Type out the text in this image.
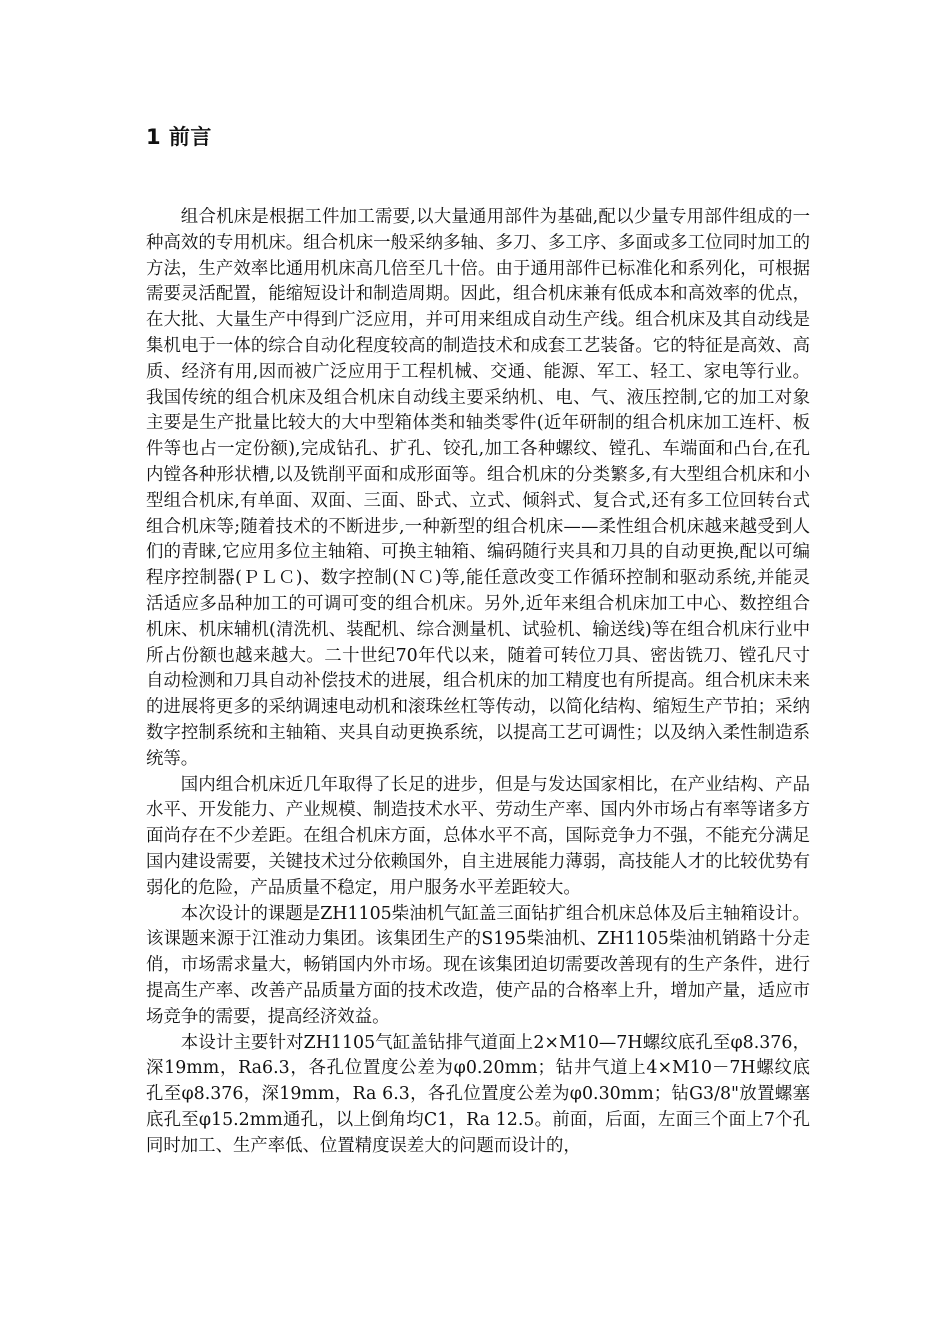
1 前言

组合机床是根据工件加工需要,以大量通用部件为基础,配以少量专用部件组成的一种高效的专用机床。组合机床一般采纳多轴、多刀、多工序、多面或多工位同时加工的方法，生产效率比通用机床高几倍至几十倍。由于通用部件已标准化和系列化，可根据需要灵活配置，能缩短设计和制造周期。因此，组合机床兼有低成本和高效率的优点，在大批、大量生产中得到广泛应用，并可用来组成自动生产线。组合机床及其自动线是集机电于一体的综合自动化程度较高的制造技术和成套工艺装备。它的特征是高效、高质、经济有用,因而被广泛应用于工程机械、交通、能源、军工、轻工、家电等行业。我国传统的组合机床及组合机床自动线主要采纳机、电、气、液压控制,它的加工对象主要是生产批量比较大的大中型箱体类和轴类零件(近年研制的组合机床加工连杆、板件等也占一定份额),完成钻孔、扩孔、铰孔,加工各种螺纹、镗孔、车端面和凸台,在孔内镗各种形状槽,以及铣削平面和成形面等。组合机床的分类繁多,有大型组合机床和小型组合机床,有单面、双面、三面、卧式、立式、倾斜式、复合式,还有多工位回转台式组合机床等;随着技术的不断进步,一种新型的组合机床——柔性组合机床越来越受到人们的青睐,它应用多位主轴箱、可换主轴箱、编码随行夹具和刀具的自动更换,配以可编程序控制器(ＰＬＣ)、数字控制(ＮＣ)等,能任意改变工作循环控制和驱动系统,并能灵活适应多品种加工的可调可变的组合机床。另外,近年来组合机床加工中心、数控组合机床、机床辅机(清洗机、装配机、综合测量机、试验机、输送线)等在组合机床行业中所占份额也越来越大。二十世纪70年代以来，随着可转位刀具、密齿铣刀、镗孔尺寸自动检测和刀具自动补偿技术的进展，组合机床的加工精度也有所提高。组合机床未来的进展将更多的采纳调速电动机和滚珠丝杠等传动，以简化结构、缩短生产节拍；采纳数字控制系统和主轴箱、夹具自动更换系统，以提高工艺可调性；以及纳入柔性制造系统等。

国内组合机床近几年取得了长足的进步，但是与发达国家相比，在产业结构、产品水平、开发能力、产业规模、制造技术水平、劳动生产率、国内外市场占有率等诸多方面尚存在不少差距。在组合机床方面，总体水平不高，国际竞争力不强，不能充分满足国内建设需要，关键技术过分依赖国外，自主进展能力薄弱，高技能人才的比较优势有弱化的危险，产品质量不稳定，用户服务水平差距较大。

本次设计的课题是ZH1105柴油机气缸盖三面钻扩组合机床总体及后主轴箱设计。该课题来源于江淮动力集团。该集团生产的S195柴油机、ZH1105柴油机销路十分走俏，市场需求量大，畅销国内外市场。现在该集团迫切需要改善现有的生产条件，进行提高生产率、改善产品质量方面的技术改造，使产品的合格率上升，增加产量，适应市场竞争的需要，提高经济效益。

本设计主要针对ZH1105气缸盖钻排气道面上2×M10—7H螺纹底孔至φ8.376，深19mm，Ra6.3，各孔位置度公差为φ0.20mm；钻井气道上4×M10－7H螺纹底孔至φ8.376，深19mm，Ra 6.3，各孔位置度公差为φ0.30mm；钻G3/8"放置螺塞底孔至φ15.2mm通孔，以上倒角均C1，Ra 12.5。前面，后面，左面三个面上7个孔同时加工、生产率低、位置精度误差大的问题而设计的，
